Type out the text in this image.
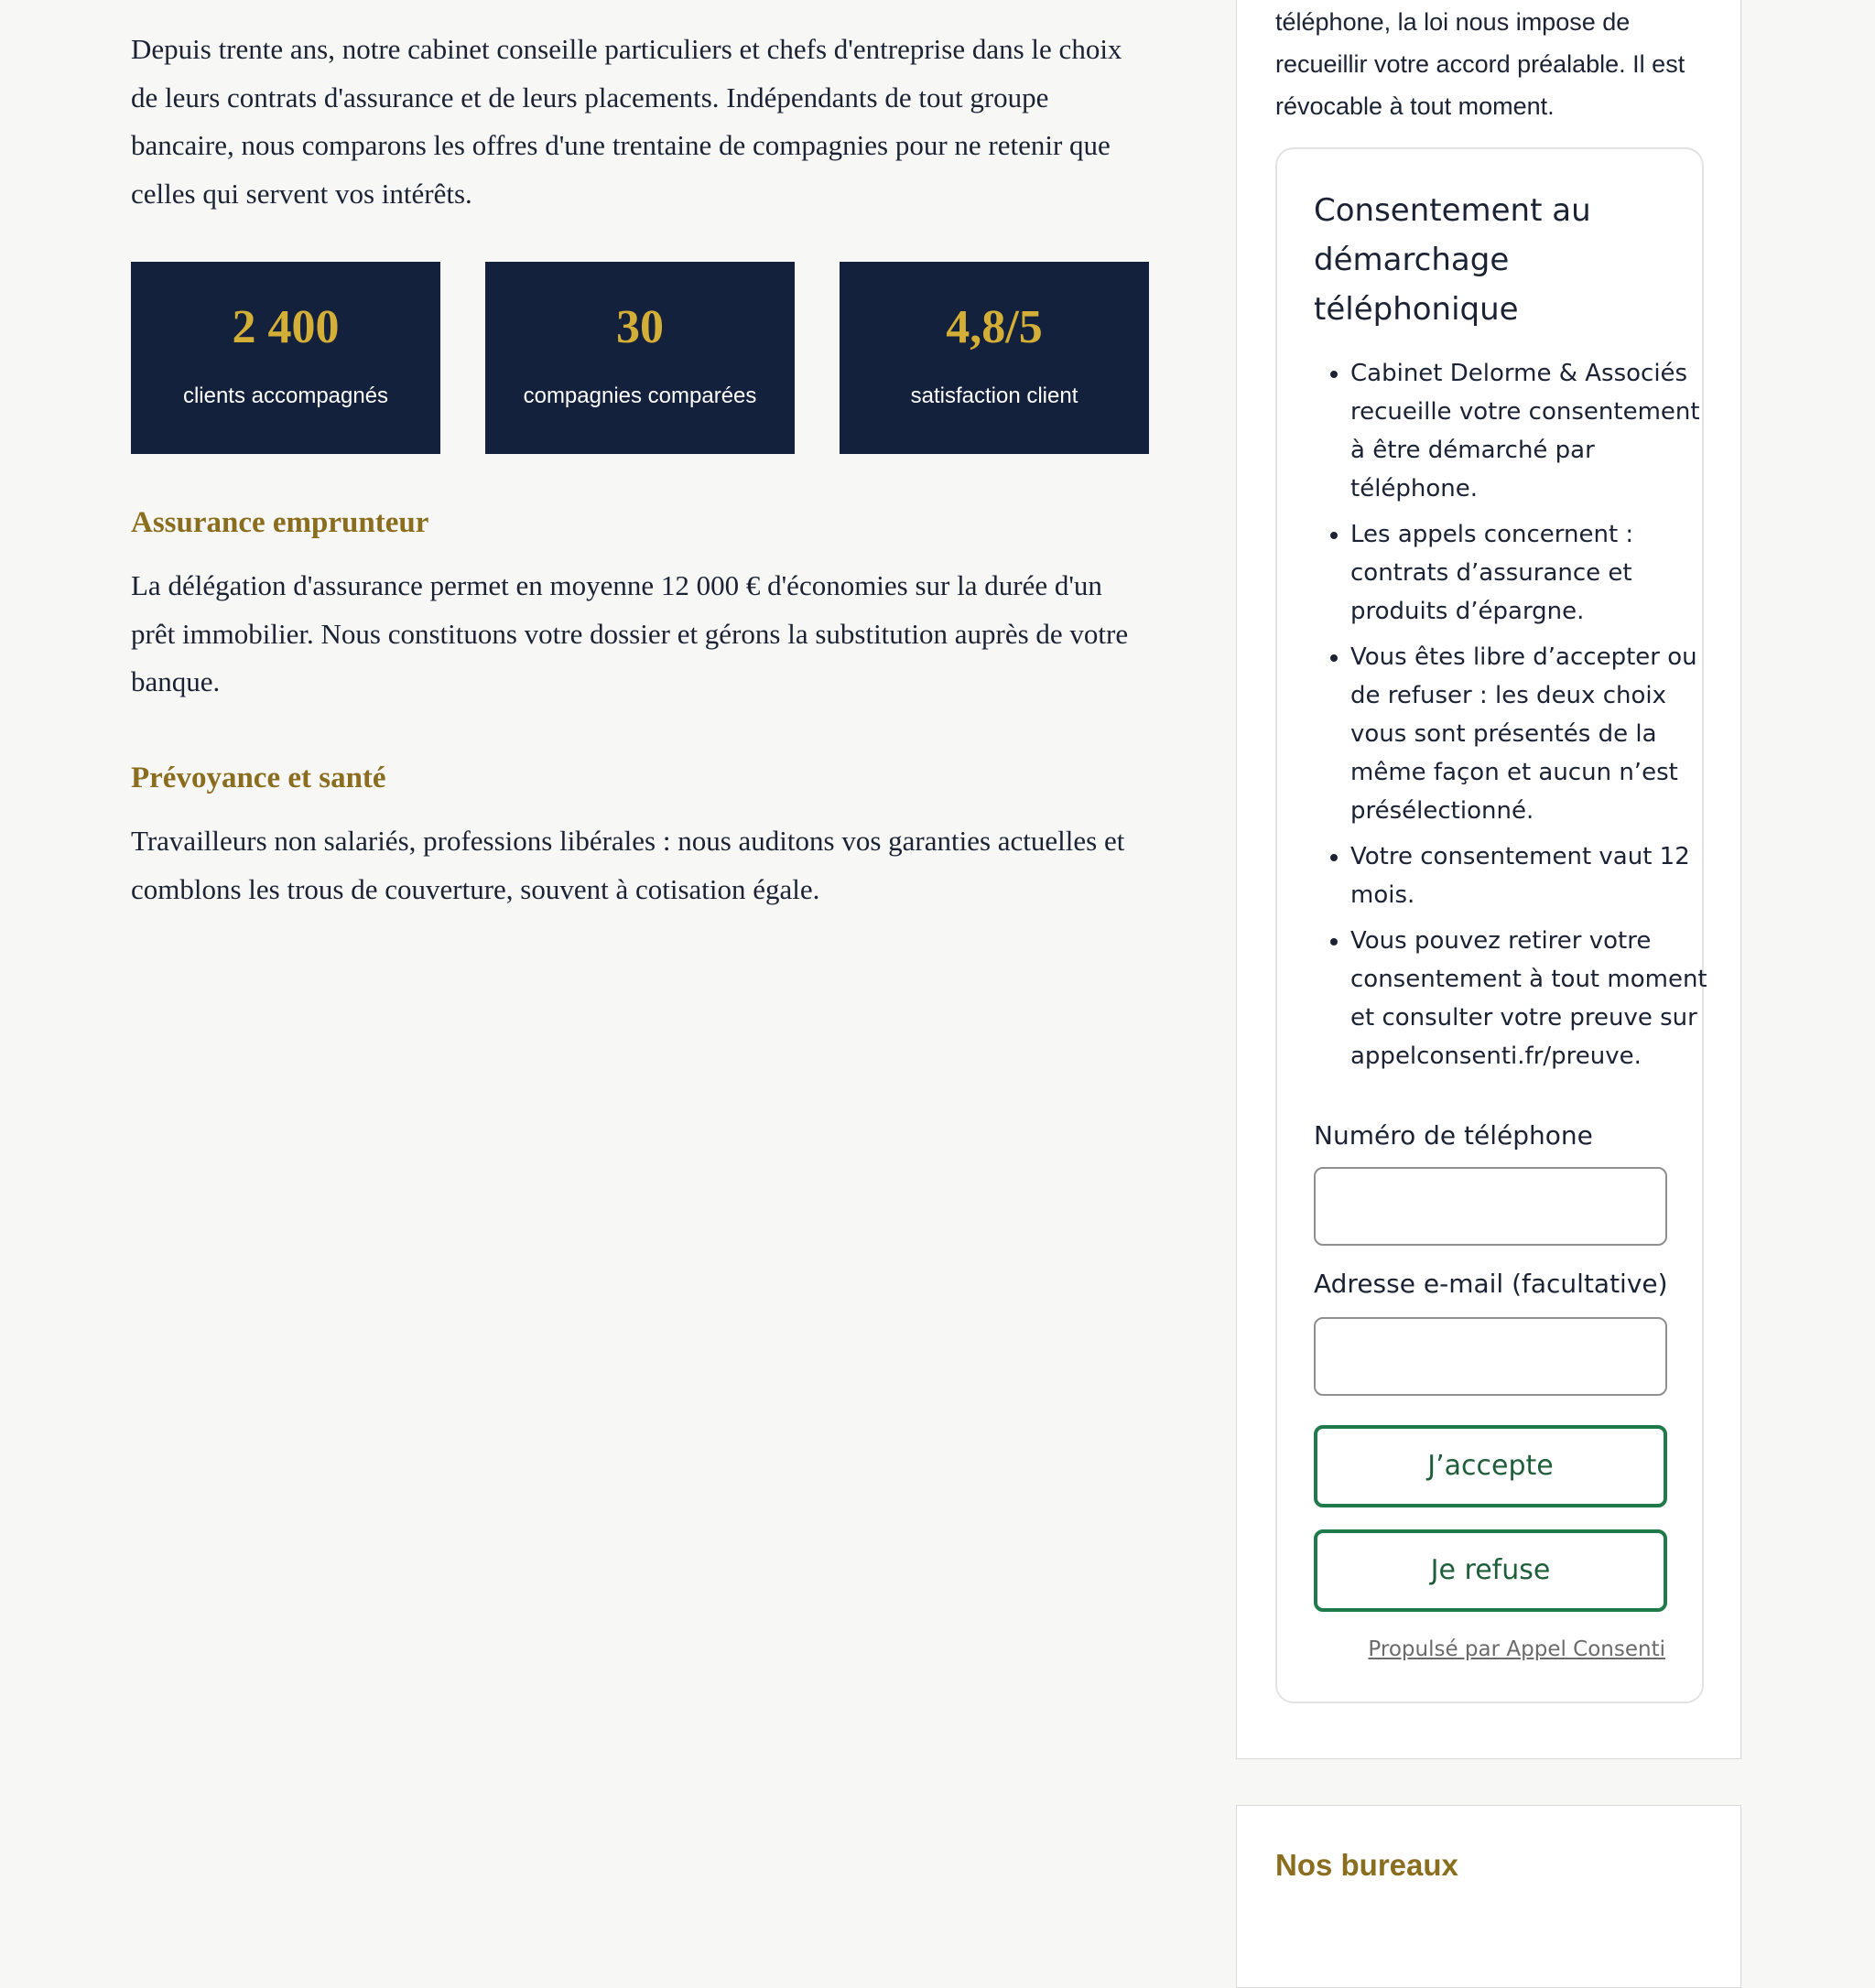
Depuis trente ans, notre cabinet conseille particuliers et chefs d'entreprise dans le choix de leurs contrats d'assurance et de leurs placements. Indépendants de tout groupe bancaire, nous comparons les offres d'une trentaine de compagnies pour ne retenir que celles qui servent vos intérêts.

2 400
clients accompagnés
30
compagnies comparées
4,8/5
satisfaction client
Assurance emprunteur

La délégation d'assurance permet en moyenne 12 000 € d'économies sur la durée d'un prêt immobilier. Nous constituons votre dossier et gérons la substitution auprès de votre banque.

Prévoyance et santé

Travailleurs non salariés, professions libérales : nous auditons vos garanties actuelles et comblons les trous de couverture, souvent à cotisation égale.

téléphone, la loi nous impose de recueillir votre accord préalable. Il est révocable à tout moment.

Consentement au démarchage téléphonique
• Cabinet Delorme & Associés recueille votre consentement à être démarché par téléphone.
• Les appels concernent : contrats d’assurance et produits d’épargne.
• Vous êtes libre d’accepter ou de refuser : les deux choix vous sont présentés de la même façon et aucun n’est présélectionné.
• Votre consentement vaut 12 mois.
• Vous pouvez retirer votre consentement à tout moment et consulter votre preuve sur appelconsenti.fr/preuve.
Numéro de téléphone
Adresse e-mail (facultative)
J’accepte
Je refuse
Propulsé par Appel Consenti
Nos bureaux
